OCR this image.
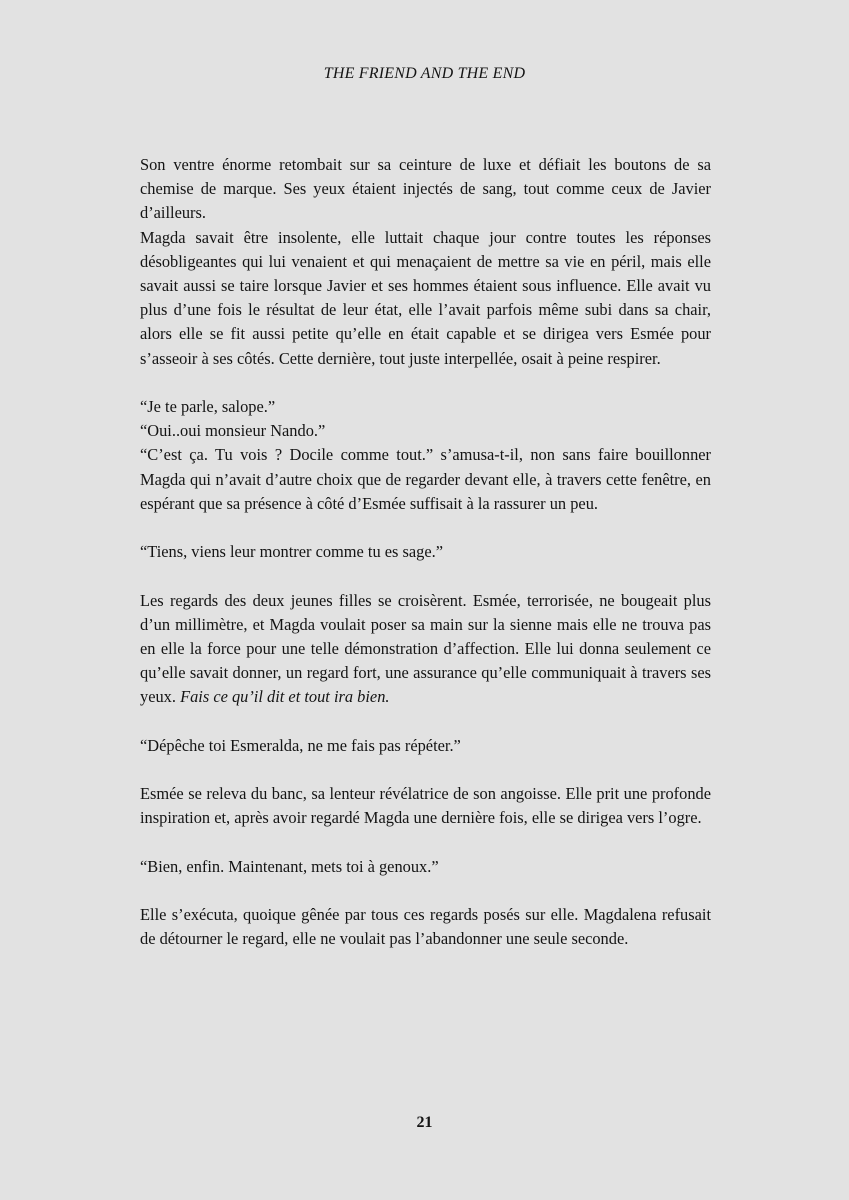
THE FRIEND AND THE END

Son ventre énorme retombait sur sa ceinture de luxe et défiait les boutons de sa chemise de marque. Ses yeux étaient injectés de sang, tout comme ceux de Javier d’ailleurs.

Magda savait être insolente, elle luttait chaque jour contre toutes les réponses désobligeantes qui lui venaient et qui menaçaient de mettre sa vie en péril, mais elle savait aussi se taire lorsque Javier et ses hommes étaient sous influence. Elle avait vu plus d’une fois le résultat de leur état, elle l’avait parfois même subi dans sa chair, alors elle se fit aussi petite qu’elle en était capable et se dirigea vers Esmée pour s’asseoir à ses côtés. Cette dernière, tout juste interpellée, osait à peine respirer.

“Je te parle, salope.”

“Oui..oui monsieur Nando.”

“C’est ça. Tu vois ? Docile comme tout.” s’amusa-t-il, non sans faire bouillonner Magda qui n’avait d’autre choix que de regarder devant elle, à travers cette fenêtre, en espérant que sa présence à côté d’Esmée suffisait à la rassurer un peu.

“Tiens, viens leur montrer comme tu es sage.”

Les regards des deux jeunes filles se croisèrent. Esmée, terrorisée, ne bougeait plus d’un millimètre, et Magda voulait poser sa main sur la sienne mais elle ne trouva pas en elle la force pour une telle démonstration d’affection. Elle lui donna seulement ce qu’elle savait donner, un regard fort, une assurance qu’elle communiquait à travers ses yeux. Fais ce qu’il dit et tout ira bien.

“Dépêche toi Esmeralda, ne me fais pas répéter.”

Esmée se releva du banc, sa lenteur révélatrice de son angoisse. Elle prit une profonde inspiration et, après avoir regardé Magda une dernière fois, elle se dirigea vers l’ogre.

“Bien, enfin. Maintenant, mets toi à genoux.”

Elle s’exécuta, quoique gênée par tous ces regards posés sur elle. Magdalena refusait de détourner le regard, elle ne voulait pas l’abandonner une seule seconde.

21
